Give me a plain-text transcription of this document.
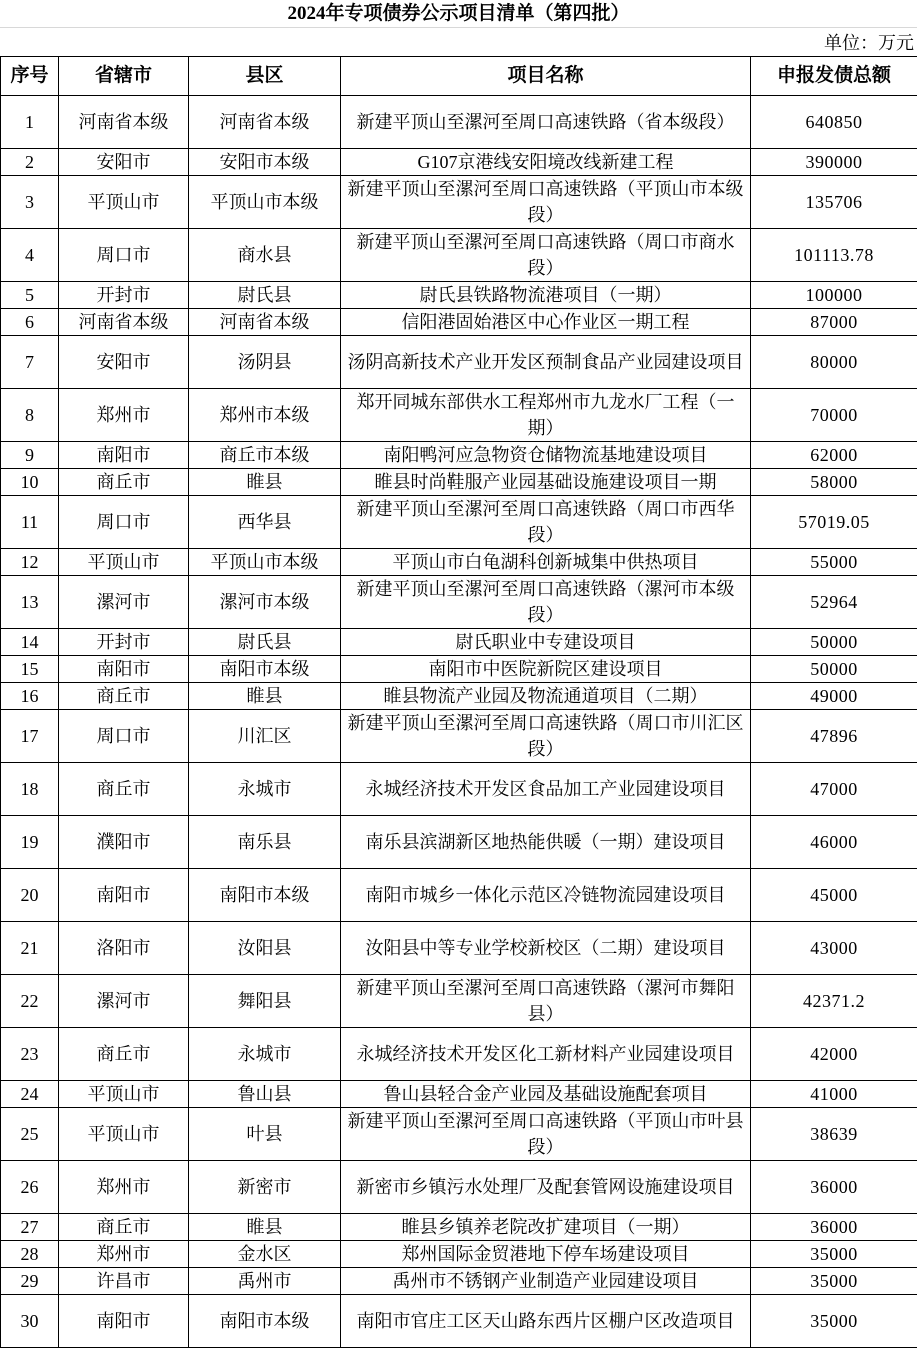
2024年专项债券公示项目清单（第四批）
单位：万元
序号	省辖市	县区	项目名称	申报发债总额
1	河南省本级	河南省本级	新建平顶山至漯河至周口高速铁路（省本级段）	640850
2	安阳市	安阳市本级	G107京港线安阳境改线新建工程	390000
3	平顶山市	平顶山市本级	新建平顶山至漯河至周口高速铁路（平顶山市本级段）	135706
4	周口市	商水县	新建平顶山至漯河至周口高速铁路（周口市商水段）	101113.78
5	开封市	尉氏县	尉氏县铁路物流港项目（一期）	100000
6	河南省本级	河南省本级	信阳港固始港区中心作业区一期工程	87000
7	安阳市	汤阴县	汤阴高新技术产业开发区预制食品产业园建设项目	80000
8	郑州市	郑州市本级	郑开同城东部供水工程郑州市九龙水厂工程（一期）	70000
9	南阳市	商丘市本级	南阳鸭河应急物资仓储物流基地建设项目	62000
10	商丘市	睢县	睢县时尚鞋服产业园基础设施建设项目一期	58000
11	周口市	西华县	新建平顶山至漯河至周口高速铁路（周口市西华段）	57019.05
12	平顶山市	平顶山市本级	平顶山市白龟湖科创新城集中供热项目	55000
13	漯河市	漯河市本级	新建平顶山至漯河至周口高速铁路（漯河市本级段）	52964
14	开封市	尉氏县	尉氏职业中专建设项目	50000
15	南阳市	南阳市本级	南阳市中医院新院区建设项目	50000
16	商丘市	睢县	睢县物流产业园及物流通道项目（二期）	49000
17	周口市	川汇区	新建平顶山至漯河至周口高速铁路（周口市川汇区段）	47896
18	商丘市	永城市	永城经济技术开发区食品加工产业园建设项目	47000
19	濮阳市	南乐县	南乐县滨湖新区地热能供暖（一期）建设项目	46000
20	南阳市	南阳市本级	南阳市城乡一体化示范区冷链物流园建设项目	45000
21	洛阳市	汝阳县	汝阳县中等专业学校新校区（二期）建设项目	43000
22	漯河市	舞阳县	新建平顶山至漯河至周口高速铁路（漯河市舞阳县）	42371.2
23	商丘市	永城市	永城经济技术开发区化工新材料产业园建设项目	42000
24	平顶山市	鲁山县	鲁山县轻合金产业园及基础设施配套项目	41000
25	平顶山市	叶县	新建平顶山至漯河至周口高速铁路（平顶山市叶县段）	38639
26	郑州市	新密市	新密市乡镇污水处理厂及配套管网设施建设项目	36000
27	商丘市	睢县	睢县乡镇养老院改扩建项目（一期）	36000
28	郑州市	金水区	郑州国际金贸港地下停车场建设项目	35000
29	许昌市	禹州市	禹州市不锈钢产业制造产业园建设项目	35000
30	南阳市	南阳市本级	南阳市官庄工区天山路东西片区棚户区改造项目	35000
